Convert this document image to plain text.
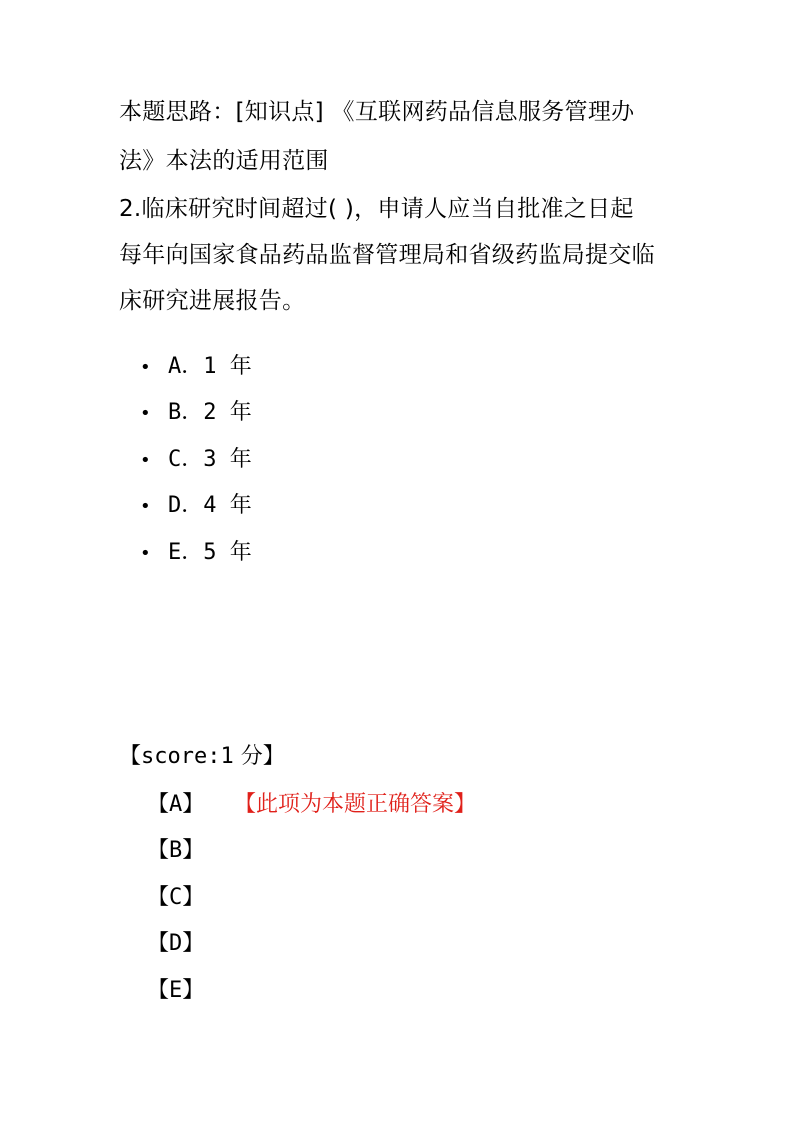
本题思路：[知识点] 《互联网药品信息服务管理办
法》本法的适用范围
2.临床研究时间超过( )，申请人应当自批准之日起
每年向国家食品药品监督管理局和省级药监局提交临
床研究进展报告。
• A．1 年
• B．2 年
• C．3 年
• D．4 年
• E．5 年
【score:1 分】
【A】 【此项为本题正确答案】
【B】
【C】
【D】
【E】
